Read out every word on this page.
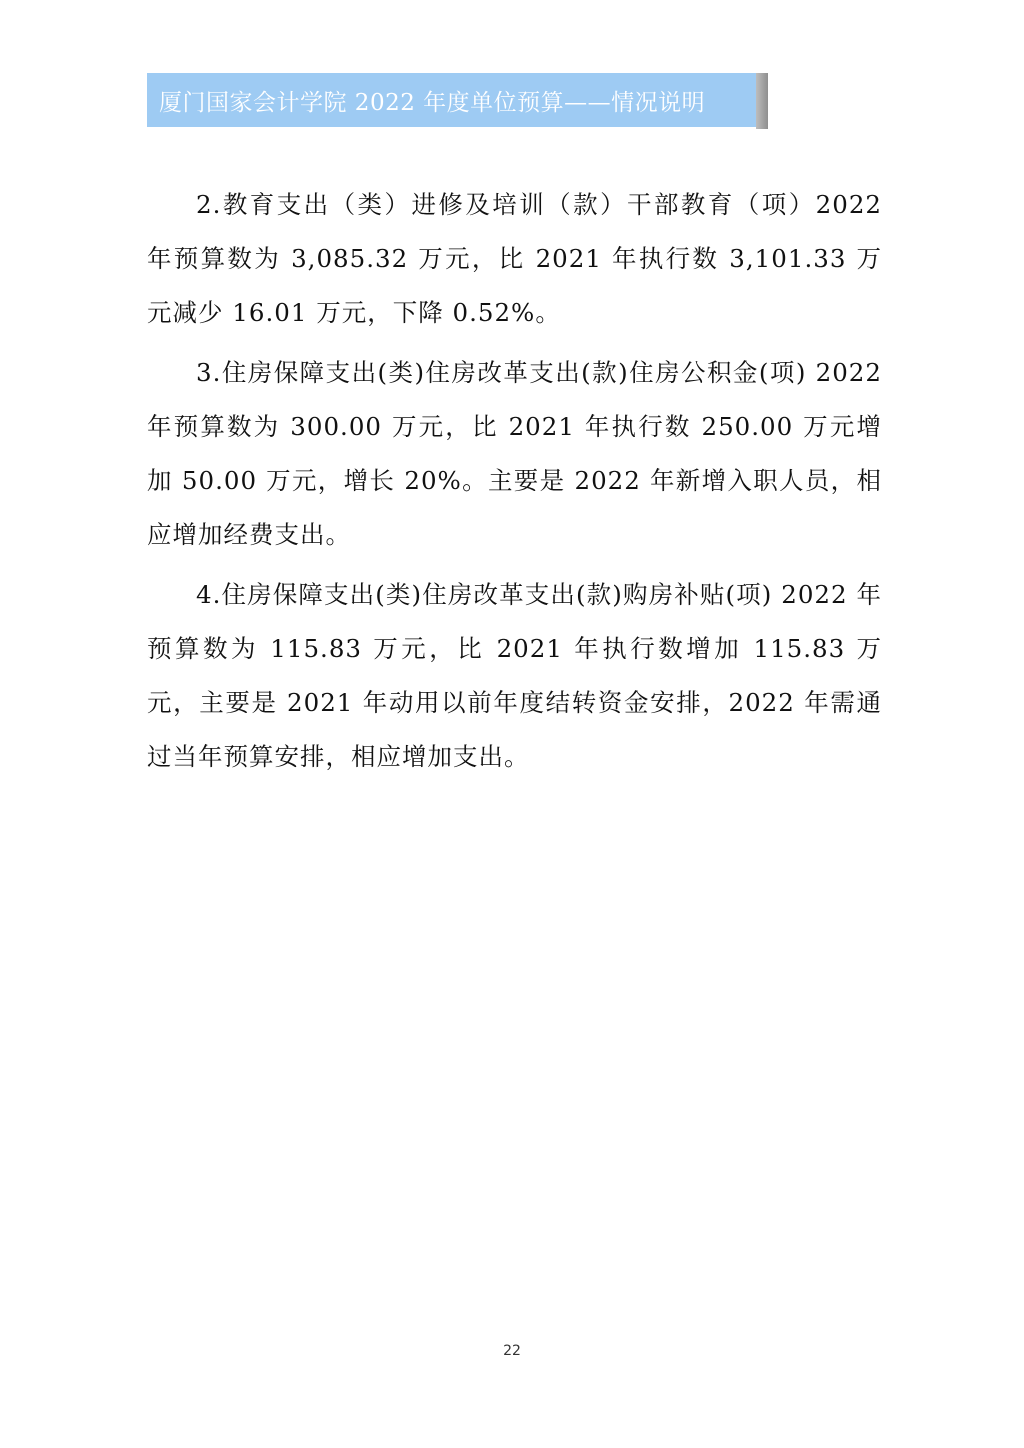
厦门国家会计学院 2022 年度单位预算——情况说明

2.教育支出（类）进修及培训（款）干部教育（项）2022 年预算数为 3,085.32 万元，比 2021 年执行数 3,101.33 万元减少 16.01 万元，下降 0.52%。

3.住房保障支出(类)住房改革支出(款)住房公积金(项) 2022 年预算数为 300.00 万元，比 2021 年执行数 250.00 万元增加 50.00 万元，增长 20%。主要是 2022 年新增入职人员，相应增加经费支出。

4.住房保障支出(类)住房改革支出(款)购房补贴(项) 2022 年预算数为 115.83 万元，比 2021 年执行数增加 115.83 万元，主要是 2021 年动用以前年度结转资金安排，2022 年需通过当年预算安排，相应增加支出。

22
